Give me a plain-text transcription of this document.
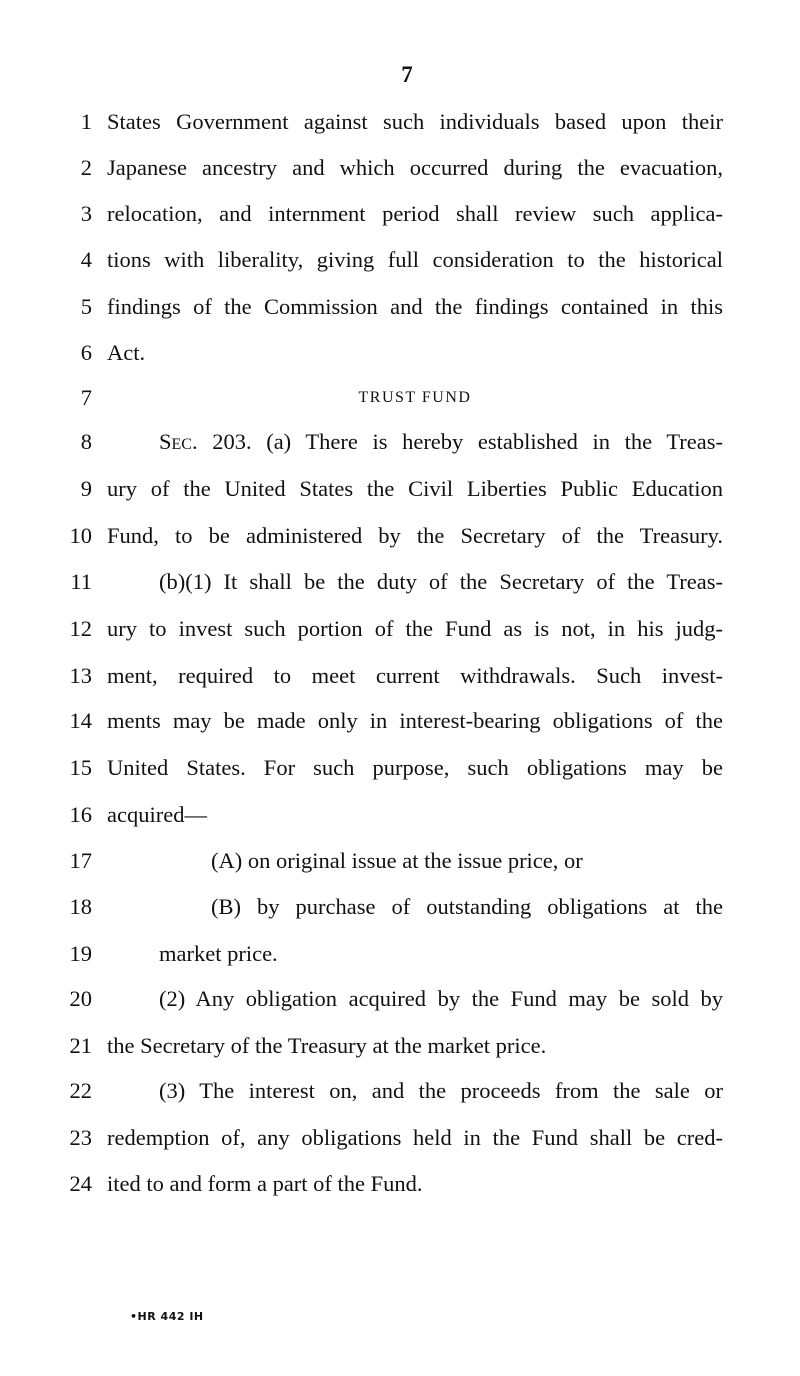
7
1 States Government against such individuals based upon their
2 Japanese ancestry and which occurred during the evacuation,
3 relocation, and internment period shall review such applica-
4 tions with liberality, giving full consideration to the historical
5 findings of the Commission and the findings contained in this
6 Act.
7	TRUST FUND
8	Sec. 203. (a) There is hereby established in the Treas-
9 ury of the United States the Civil Liberties Public Education
10 Fund, to be administered by the Secretary of the Treasury.
11	(b)(1) It shall be the duty of the Secretary of the Treas-
12 ury to invest such portion of the Fund as is not, in his judg-
13 ment, required to meet current withdrawals. Such invest-
14 ments may be made only in interest-bearing obligations of the
15 United States. For such purpose, such obligations may be
16 acquired—
17	(A) on original issue at the issue price, or
18	(B) by purchase of outstanding obligations at the
19	market price.
20	(2) Any obligation acquired by the Fund may be sold by
21 the Secretary of the Treasury at the market price.
22	(3) The interest on, and the proceeds from the sale or
23 redemption of, any obligations held in the Fund shall be cred-
24 ited to and form a part of the Fund.
•HR 442 IH
